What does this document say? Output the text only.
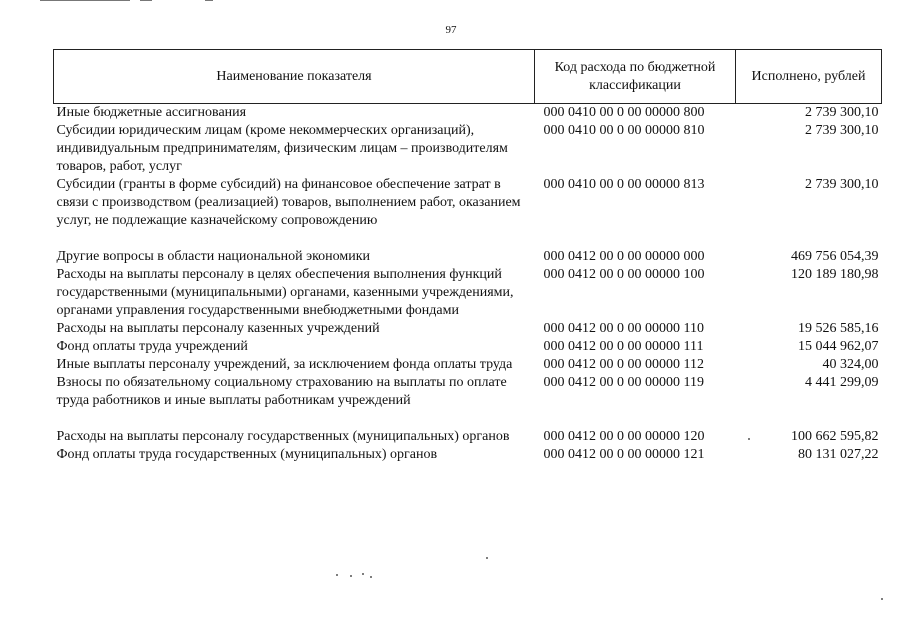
97
Наименование показателя	Код расхода по бюджетной классификации	Исполнено, рублей
Иные бюджетные ассигнования	000 0410 00 0 00 00000 800	2 739 300,10
Субсидии юридическим лицам (кроме некоммерческих организаций), индивидуальным предпринимателям, физическим лицам – производителям товаров, работ, услуг	000 0410 00 0 00 00000 810	2 739 300,10
Субсидии (гранты в форме субсидий) на финансовое обеспечение затрат в связи с производством (реализацией) товаров, выполнением работ, оказанием услуг, не подлежащие казначейскому сопровождению	000 0410 00 0 00 00000 813	2 739 300,10
Другие вопросы в области национальной экономики	000 0412 00 0 00 00000 000	469 756 054,39
Расходы на выплаты персоналу в целях обеспечения выполнения функций государственными (муниципальными) органами, казенными учреждениями, органами управления государственными внебюджетными фондами	000 0412 00 0 00 00000 100	120 189 180,98
Расходы на выплаты персоналу казенных учреждений	000 0412 00 0 00 00000 110	19 526 585,16
Фонд оплаты труда учреждений	000 0412 00 0 00 00000 111	15 044 962,07
Иные выплаты персоналу учреждений, за исключением фонда оплаты труда	000 0412 00 0 00 00000 112	40 324,00
Взносы по обязательному социальному страхованию на выплаты по оплате труда работников и иные выплаты работникам учреждений	000 0412 00 0 00 00000 119	4 441 299,09
Расходы на выплаты персоналу государственных (муниципальных) органов	000 0412 00 0 00 00000 120	100 662 595,82
Фонд оплаты труда государственных (муниципальных) органов	000 0412 00 0 00 00000 121	80 131 027,22
